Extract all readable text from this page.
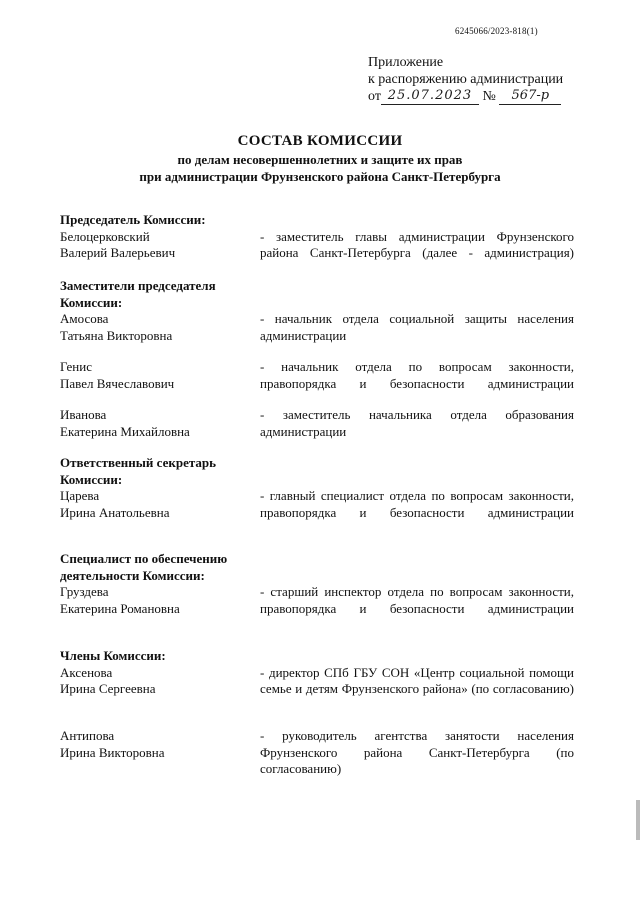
6245066/2023-818(1)
Приложение
к распоряжению администрации
от 25.07.2023 № 567-р
СОСТАВ КОМИССИИ
по делам несовершеннолетних и защите их прав
при администрации Фрунзенского района Санкт-Петербурга
Председатель Комиссии:
Белоцерковский
Валерий Валерьевич
- заместитель главы администрации Фрунзенского района Санкт-Петербурга (далее - администрация)
Заместители председателя
Комиссии:
Амосова
Татьяна Викторовна
- начальник отдела социальной защиты населения администрации
Генис
Павел Вячеславович
- начальник отдела по вопросам законности, правопорядка и безопасности администрации
Иванова
Екатерина Михайловна
- заместитель начальника отдела образования администрации
Ответственный секретарь
Комиссии:
Царева
Ирина Анатольевна
- главный специалист отдела по вопросам законности, правопорядка и безопасности администрации
Специалист по обеспечению
деятельности Комиссии:
Груздева
Екатерина Романовна
- старший инспектор отдела по вопросам законности, правопорядка и безопасности администрации
Члены Комиссии:
Аксенова
Ирина Сергеевна
- директор СПб ГБУ СОН «Центр социальной помощи семье и детям Фрунзенского района» (по согласованию)
Антипова
Ирина Викторовна
- руководитель агентства занятости населения Фрунзенского района Санкт-Петербурга (по согласованию)
